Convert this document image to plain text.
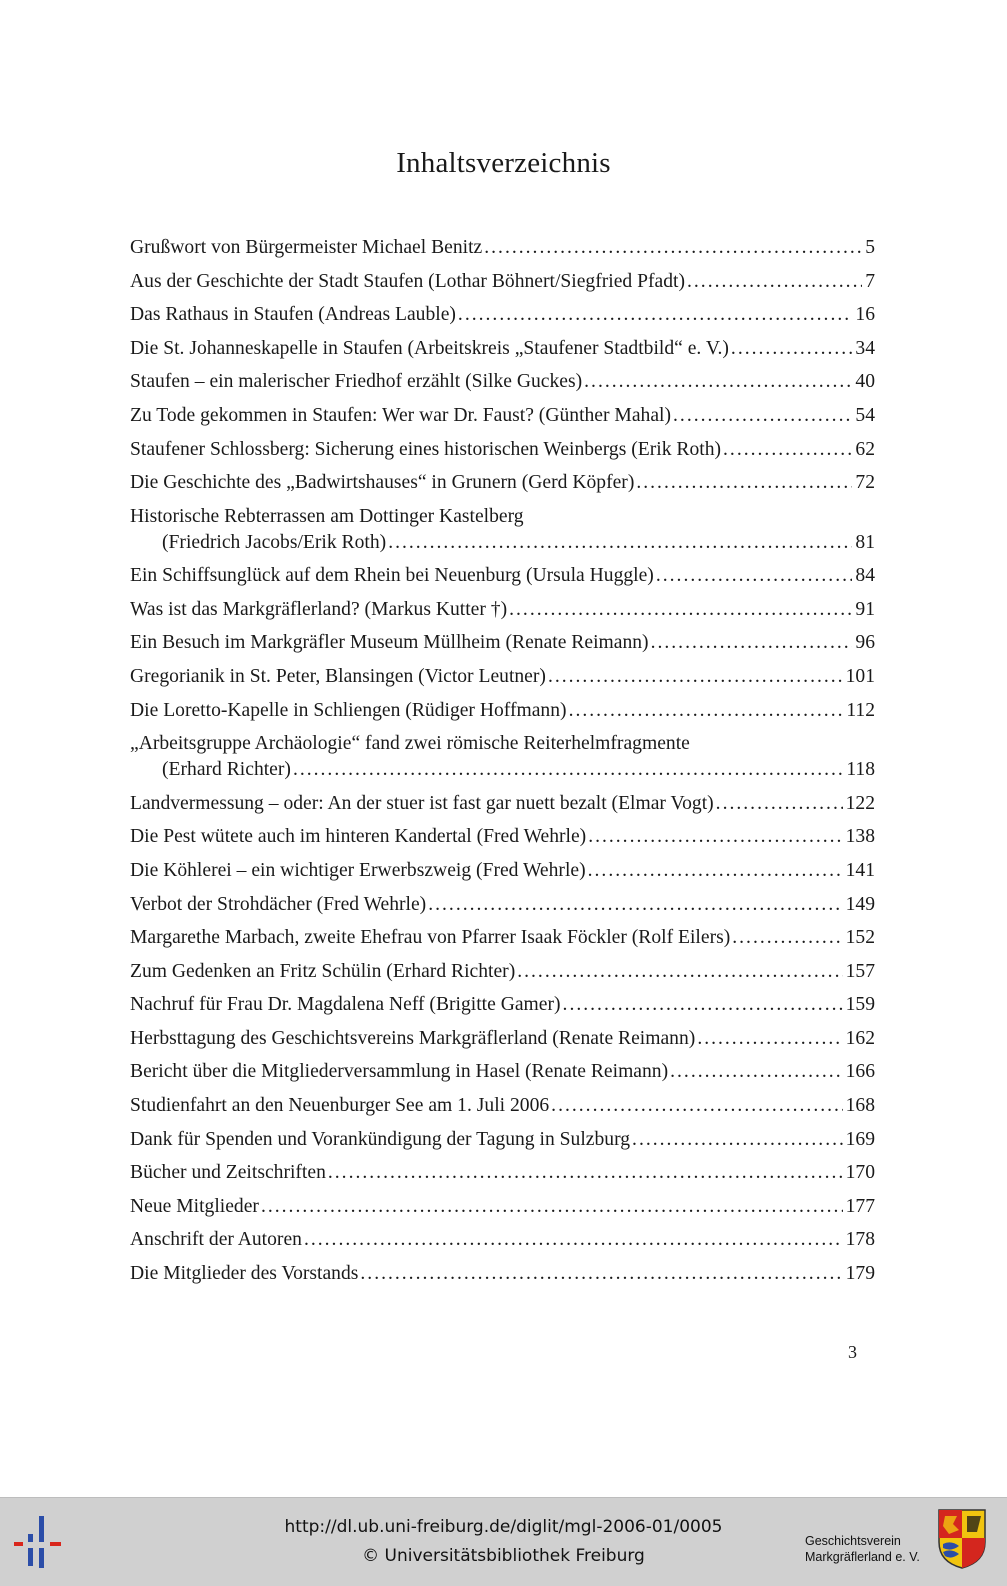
Inhaltsverzeichnis
Grußwort von Bürgermeister Michael Benitz .....	5
Aus der Geschichte der Stadt Staufen (Lothar Böhnert/Siegfried Pfadt) .....	7
Das Rathaus in Staufen (Andreas Lauble) .....	16
Die St. Johanneskapelle in Staufen (Arbeitskreis „Staufener Stadtbild“ e. V.) .....	34
Staufen – ein malerischer Friedhof erzählt (Silke Guckes) .....	40
Zu Tode gekommen in Staufen: Wer war Dr. Faust? (Günther Mahal) .....	54
Staufener Schlossberg: Sicherung eines historischen Weinbergs (Erik Roth) .....	62
Die Geschichte des „Badwirtshauses“ in Grunern (Gerd Köpfer) .....	72
Historische Rebterrassen am Dottinger Kastelberg
(Friedrich Jacobs/Erik Roth) .....	81
Ein Schiffsunglück auf dem Rhein bei Neuenburg (Ursula Huggle) .....	84
Was ist das Markgräflerland? (Markus Kutter †) .....	91
Ein Besuch im Markgräfler Museum Müllheim (Renate Reimann) .....	96
Gregorianik in St. Peter, Blansingen (Victor Leutner) .....	101
Die Loretto-Kapelle in Schliengen (Rüdiger Hoffmann) .....	112
„Arbeitsgruppe Archäologie“ fand zwei römische Reiterhelmfragmente
(Erhard Richter) .....	118
Landvermessung – oder: An der stuer ist fast gar nuett bezalt (Elmar Vogt) .....	122
Die Pest wütete auch im hinteren Kandertal (Fred Wehrle) .....	138
Die Köhlerei – ein wichtiger Erwerbszweig (Fred Wehrle) .....	141
Verbot der Strohdächer (Fred Wehrle) .....	149
Margarethe Marbach, zweite Ehefrau von Pfarrer Isaak Föckler (Rolf Eilers) .....	152
Zum Gedenken an Fritz Schülin (Erhard Richter) .....	157
Nachruf für Frau Dr. Magdalena Neff (Brigitte Gamer) .....	159
Herbsttagung des Geschichtsvereins Markgräflerland (Renate Reimann) .....	162
Bericht über die Mitgliederversammlung in Hasel (Renate Reimann) .....	166
Studienfahrt an den Neuenburger See am 1. Juli 2006 .....	168
Dank für Spenden und Vorankündigung der Tagung in Sulzburg .....	169
Bücher und Zeitschriften .....	170
Neue Mitglieder .....	177
Anschrift der Autoren .....	178
Die Mitglieder des Vorstands .....	179
3
http://dl.ub.uni-freiburg.de/diglit/mgl-2006-01/0005
© Universitätsbibliothek Freiburg
Geschichtsverein
Markgräflerland e. V.
